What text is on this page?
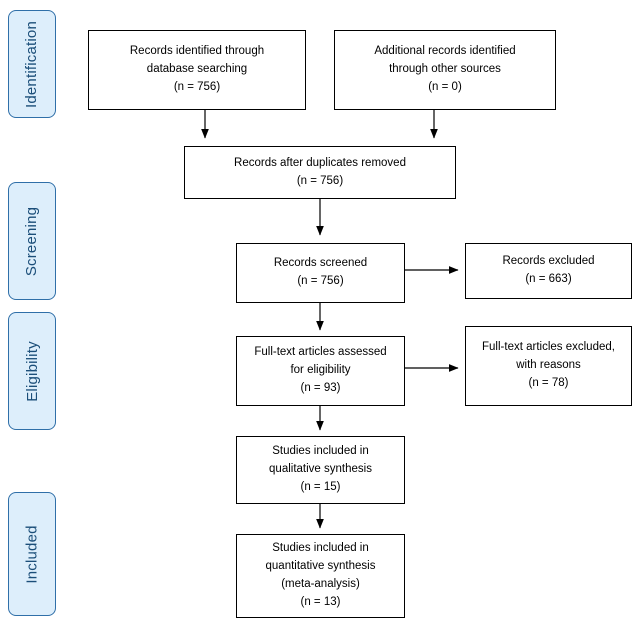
Identification
Screening
Eligibility
Included
Records identified through
database searching
(n = 756)
Additional records identified
through other sources
(n = 0)
Records after duplicates removed
(n = 756)
Records screened
(n = 756)
Records excluded
(n = 663)
Full-text articles assessed
for eligibility
(n = 93)
Full-text articles excluded,
with reasons
(n = 78)
Studies included in
qualitative synthesis
(n = 15)
Studies included in
quantitative synthesis
(meta-analysis)
(n = 13)
